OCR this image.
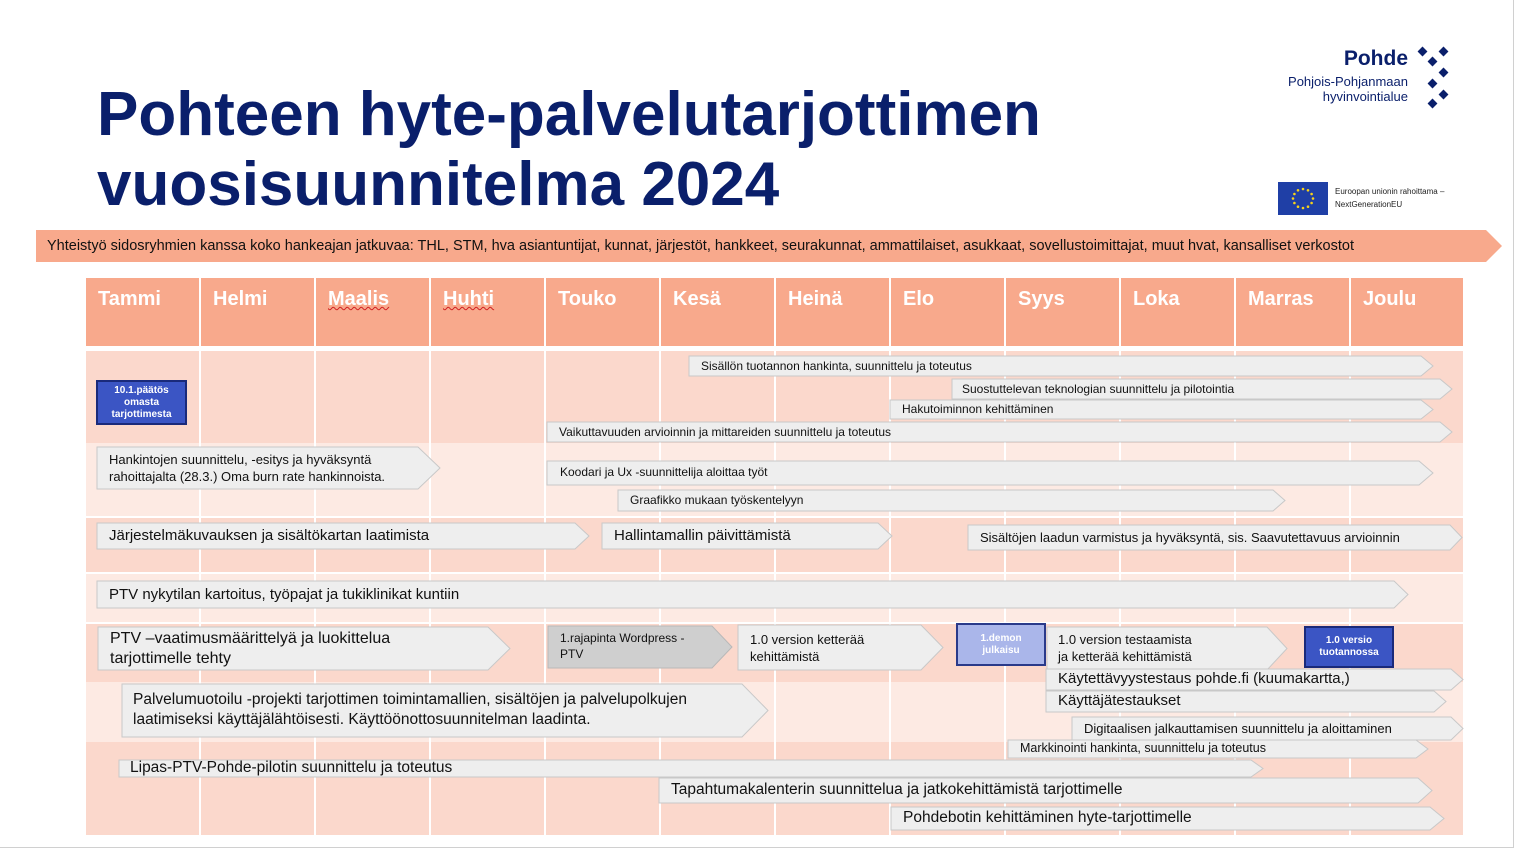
Pohteen hyte-palvelutarjottimen
vuosisuunnitelma 2024
Pohde
Pohjois-Pohjanmaan
hyvinvointialue
Euroopan unionin rahoittama –
NextGenerationEU
Yhteistyö sidosryhmien kanssa koko hankeajan jatkuvaa: THL, STM, hva asiantuntijat, kunnat, järjestöt, hankkeet, seurakunnat, ammattilaiset, asukkaat, sovellustoimittajat, muut hvat, kansalliset verkostot
Tammi	Helmi	Maalis	Huhti	Touko	Kesä	Heinä	Elo	Syys	Loka	Marras Joulu
Sisällön tuotannon hankinta, suunnittelu ja toteutus
Suostuttelevan teknologian suunnittelu ja pilotointia
Hakutoiminnon kehittäminen
Vaikuttavuuden arvioinnin ja mittareiden suunnittelu ja toteutus
10.1.päätös
omasta
tarjottimesta
Hankintojen suunnittelu, -esitys ja hyväksyntä
rahoittajalta (28.3.) Oma burn rate hankinnoista.	Koodari ja Ux -suunnittelija aloittaa työt
Graafikko mukaan työskentelyyn
Järjestelmäkuvauksen ja sisältökartan laatimista	Hallintamallin päivittämistä	Sisältöjen laadun varmistus ja hyväksyntä, sis. Saavutettavuus arvioinnin
PTV nykytilan kartoitus, työpajat ja tukiklinikat kuntiin
PTV –vaatimusmäärittelyä ja luokittelua
tarjottimelle tehty
1.rajapinta Wordpress -
PTV
1.0 version ketterää
kehittämistä
1.demon
julkaisu
1.0 version testaamista
ja ketterää kehittämistä
1.0 versio
tuotannossa
Käytettävyystestaus pohde.fi (kuumakartta,)
Käyttäjätestaukset
Palvelumuotoilu -projekti tarjottimen toimintamallien, sisältöjen ja palvelupolkujen
laatimiseksi käyttäjälähtöisesti. Käyttöönottosuunnitelman laadinta.
Digitaalisen jalkauttamisen suunnittelu ja aloittaminen
Markkinointi hankinta, suunnittelu ja toteutus
Lipas-PTV-Pohde-pilotin suunnittelu ja toteutus
Tapahtumakalenterin suunnittelua ja jatkokehittämistä tarjottimelle
Pohdebotin kehittäminen hyte-tarjottimelle
